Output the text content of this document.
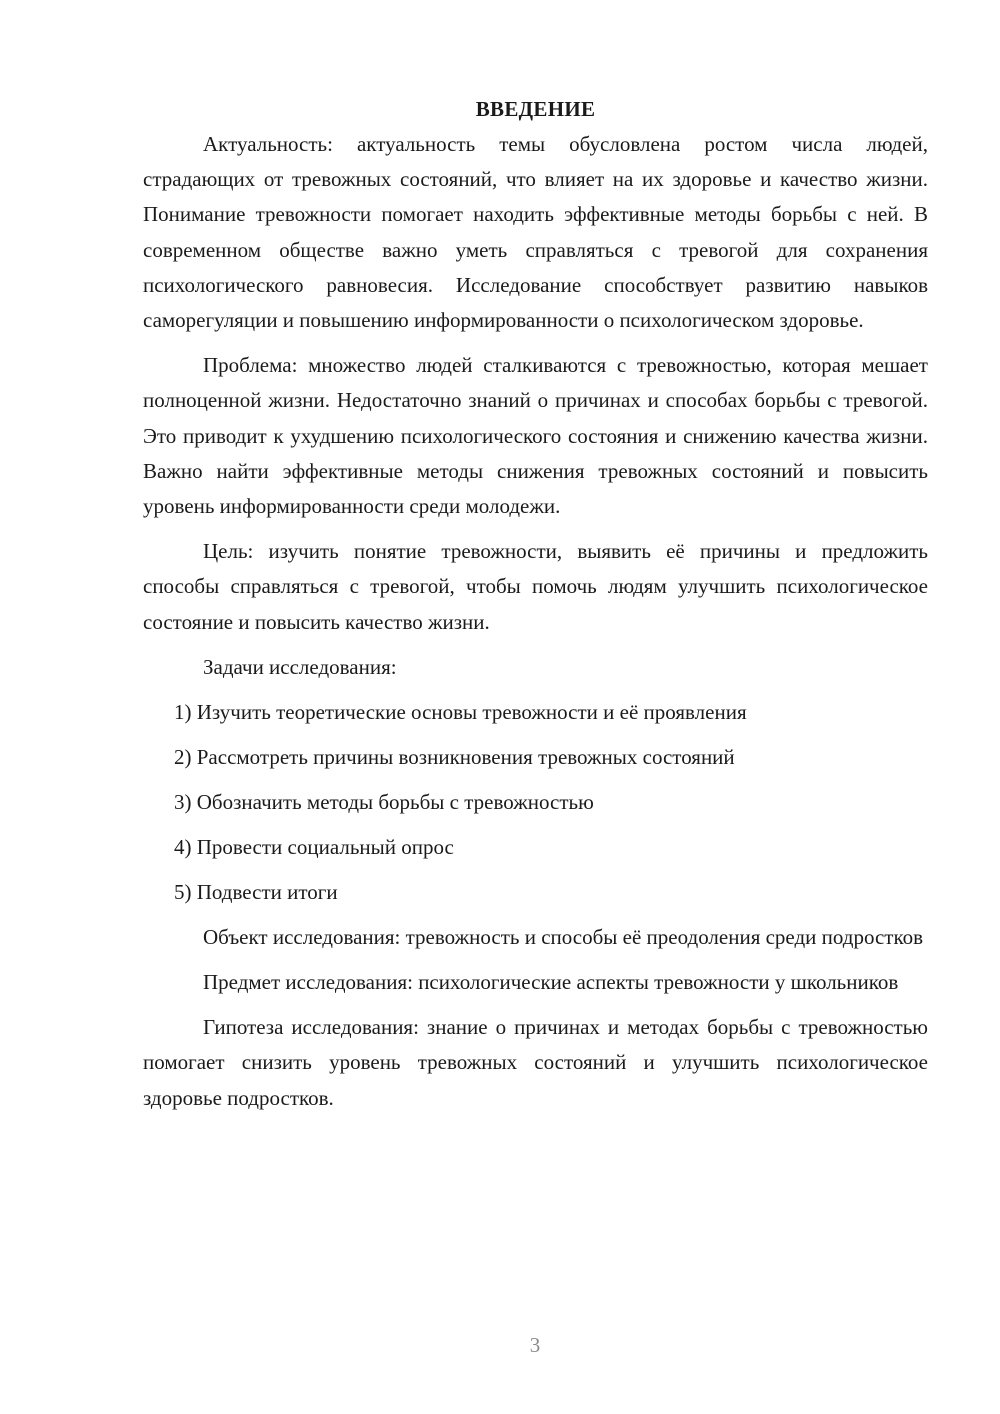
ВВЕДЕНИЕ

Актуальность: актуальность темы обусловлена ростом числа людей, страдающих от тревожных состояний, что влияет на их здоровье и качество жизни. Понимание тревожности помогает находить эффективные методы борьбы с ней. В современном обществе важно уметь справляться с тревогой для сохранения психологического равновесия. Исследование способствует развитию навыков саморегуляции и повышению информированности о психологическом здоровье.

Проблема: множество людей сталкиваются с тревожностью, которая мешает полноценной жизни. Недостаточно знаний о причинах и способах борьбы с тревогой. Это приводит к ухудшению психологического состояния и снижению качества жизни. Важно найти эффективные методы снижения тревожных состояний и повысить уровень информированности среди молодежи.

Цель: изучить понятие тревожности, выявить её причины и предложить способы справляться с тревогой, чтобы помочь людям улучшить психологическое состояние и повысить качество жизни.

Задачи исследования:
1) Изучить теоретические основы тревожности и её проявления
2) Рассмотреть причины возникновения тревожных состояний
3) Обозначить методы борьбы с тревожностью
4) Провести социальный опрос
5) Подвести итоги

Объект исследования: тревожность и способы её преодоления среди подростков

Предмет исследования: психологические аспекты тревожности у школьников

Гипотеза исследования: знание о причинах и методах борьбы с тревожностью помогает снизить уровень тревожных состояний и улучшить психологическое здоровье подростков.

3
